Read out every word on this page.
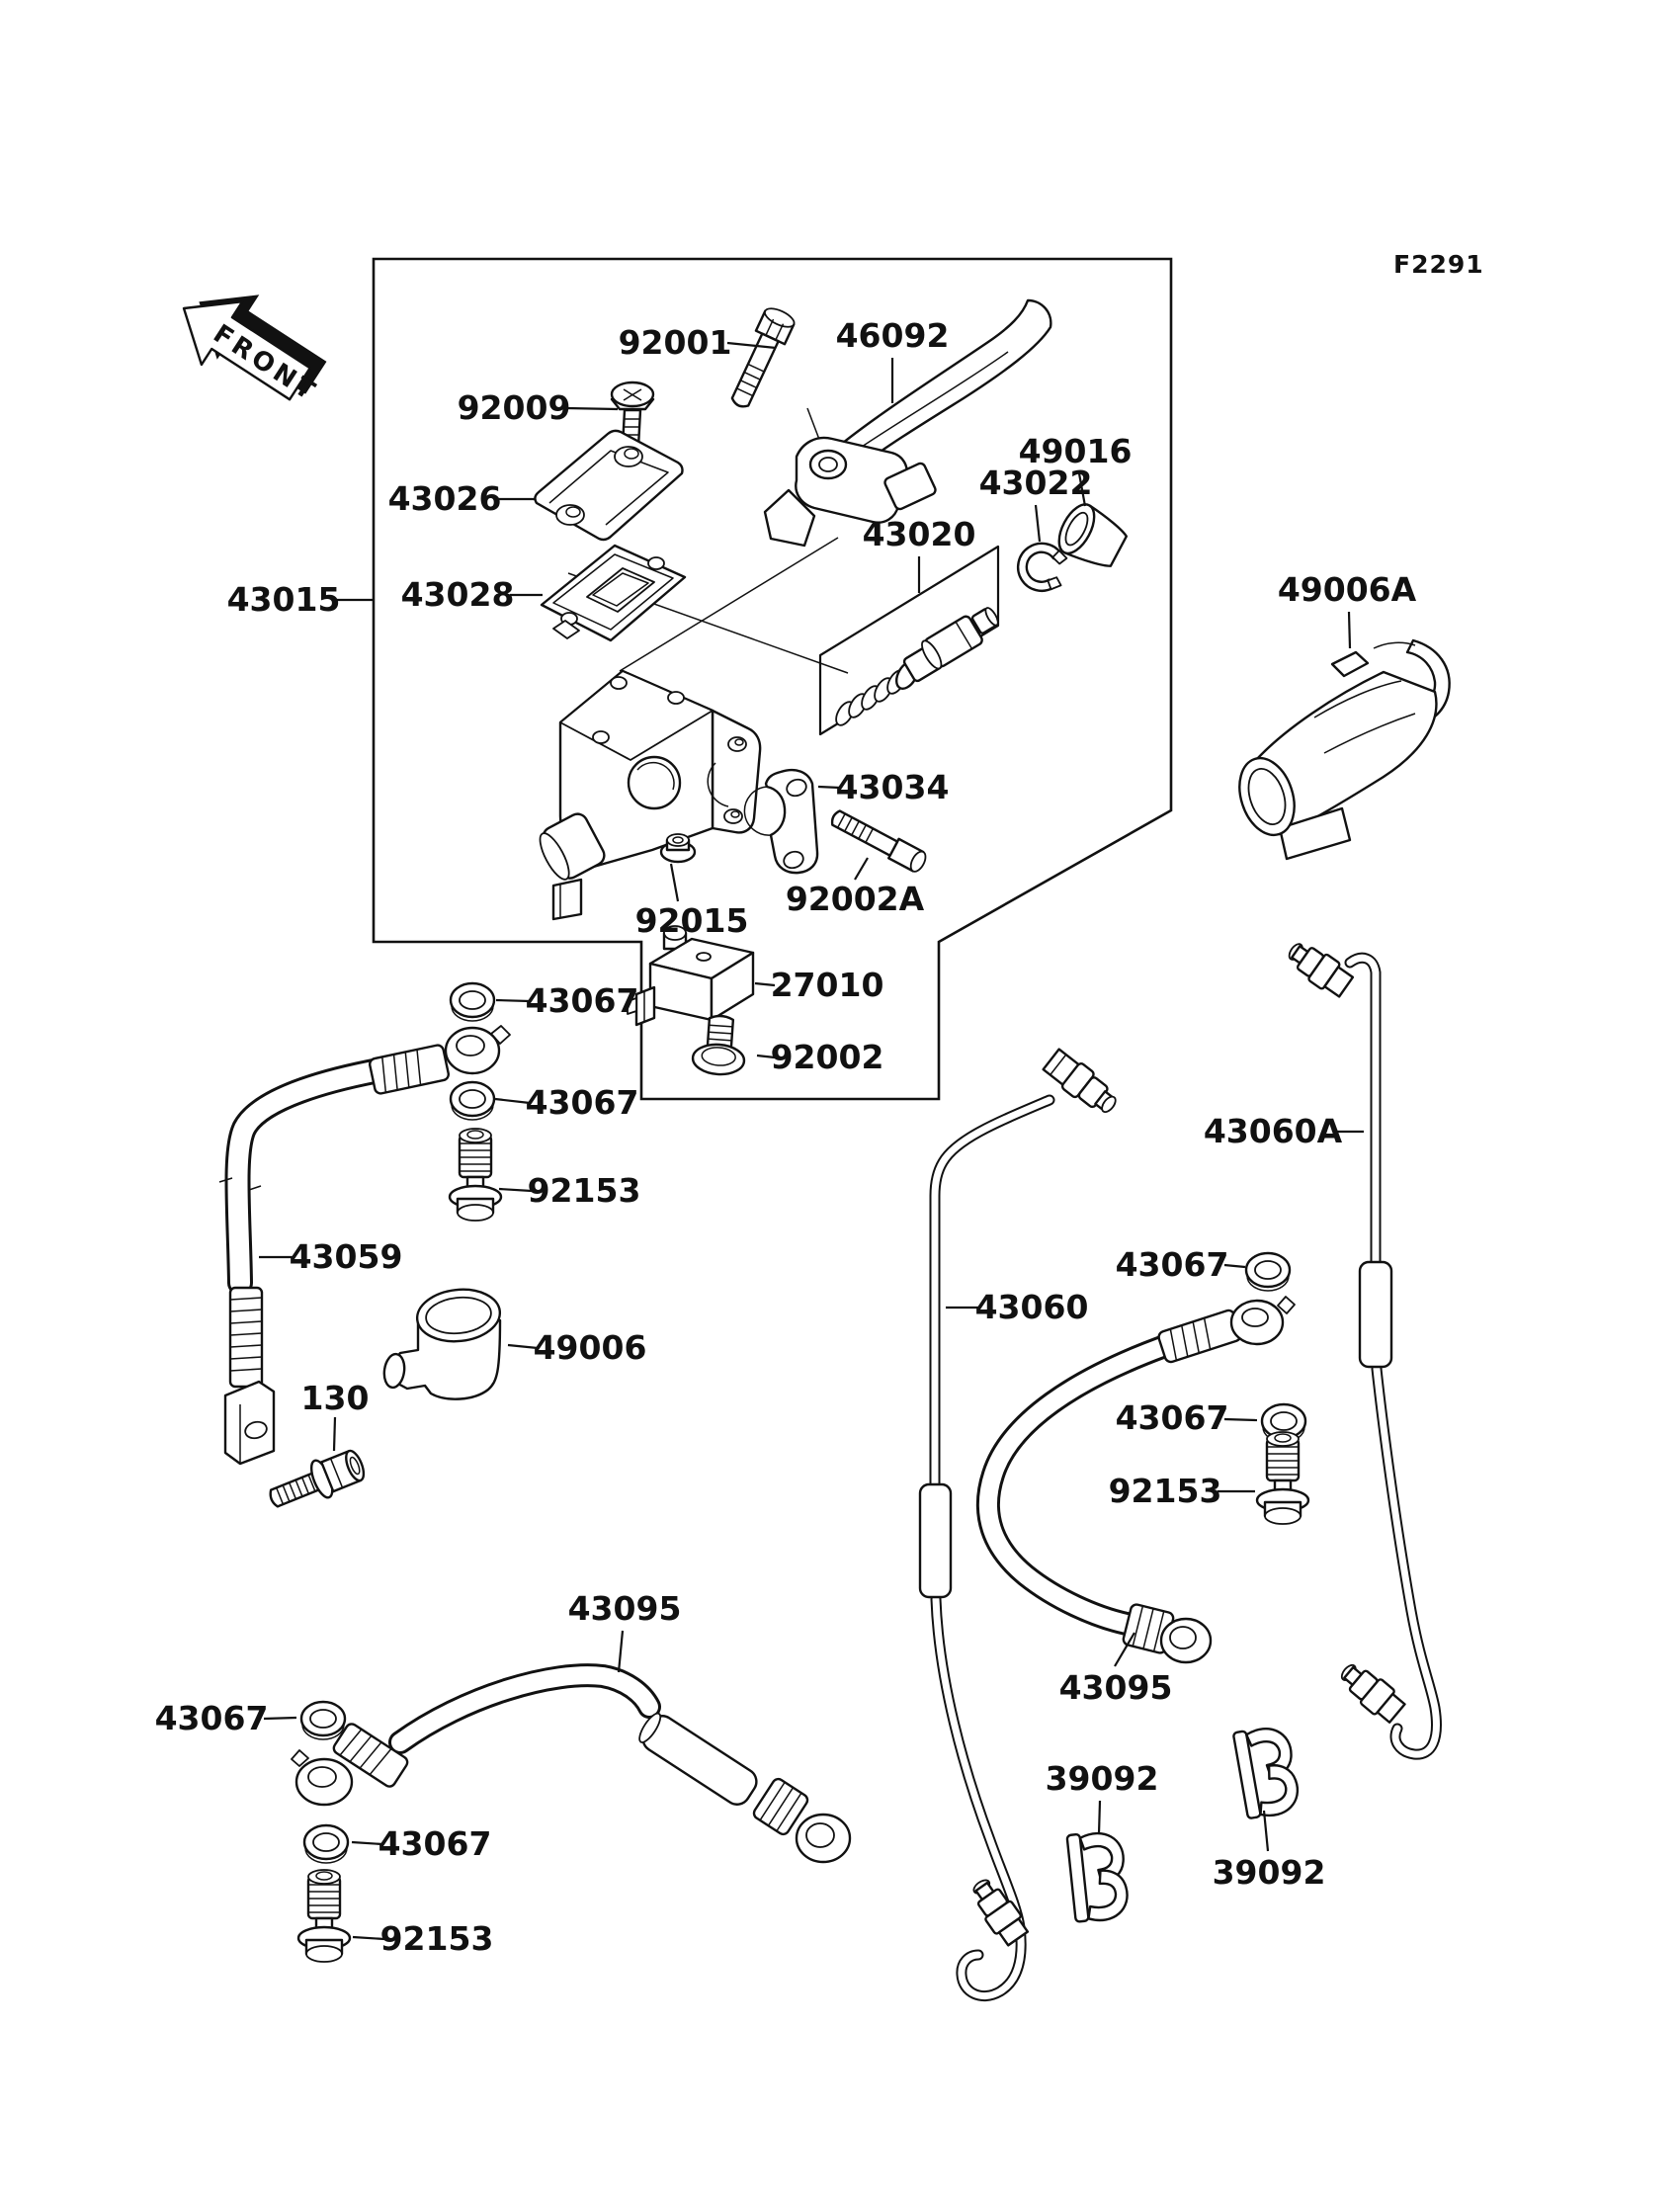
F2291
FRONT	92001
92009
43026
46092
43015 43028
43020
43022
49016
49006A
43034
92002A
92015
27010
92002
43067
43067
92153
43059
49006
130
43060A
43060
43067
43067
92153
43095
43095
39092
39092
43067
43067
92153
